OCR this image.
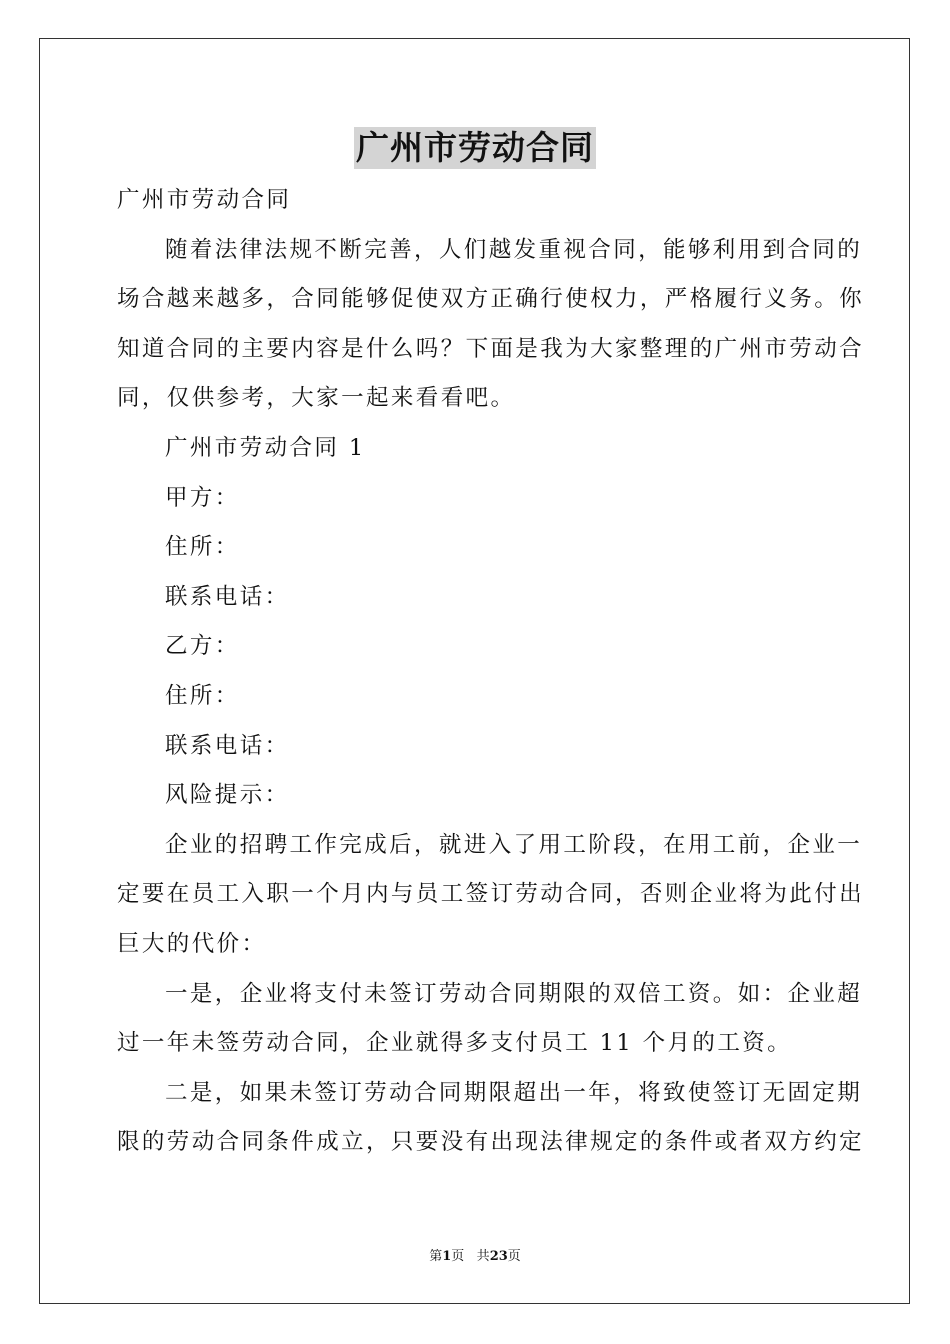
广州市劳动合同
广州市劳动合同
随着法律法规不断完善，人们越发重视合同，能够利用到合同的
场合越来越多，合同能够促使双方正确行使权力，严格履行义务。你
知道合同的主要内容是什么吗？下面是我为大家整理的广州市劳动合
同，仅供参考，大家一起来看看吧。
广州市劳动合同 1
甲方：
住所：
联系电话：
乙方：
住所：
联系电话：
风险提示：
企业的招聘工作完成后，就进入了用工阶段，在用工前，企业一
定要在员工入职一个月内与员工签订劳动合同，否则企业将为此付出
巨大的代价：
一是，企业将支付未签订劳动合同期限的双倍工资。如：企业超
过一年未签劳动合同，企业就得多支付员工 11 个月的工资。
二是，如果未签订劳动合同期限超出一年，将致使签订无固定期
限的劳动合同条件成立，只要没有出现法律规定的条件或者双方约定
第1页 共23页
